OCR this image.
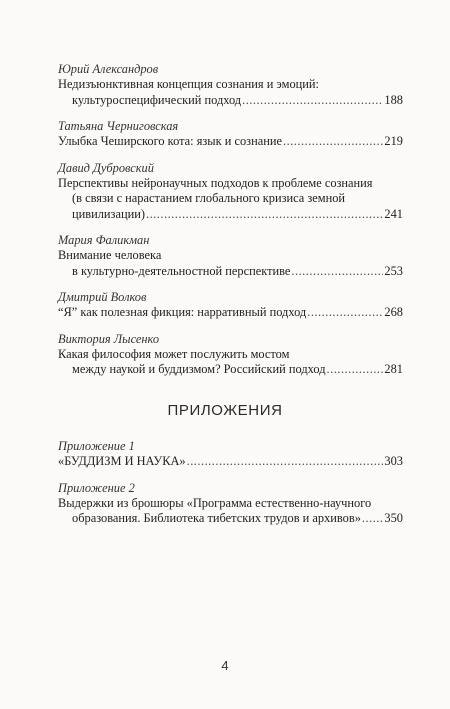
Юрий Александров
Недизъюнктивная концепция сознания и эмоций:
культуроспецифический подход .....	188
Татьяна Черниговская
Улыбка Чеширского кота: язык и сознание .....	219
Давид Дубровский
Перспективы нейронаучных подходов к проблеме сознания
(в связи с нарастанием глобального кризиса земной
цивилизации) .....	241
Мария Фаликман
Внимание человека
в культурно-деятельностной перспективе .....	253
Дмитрий Волков
“Я” как полезная фикция: нарративный подход .....	268
Виктория Лысенко
Какая философия может послужить мостом
между наукой и буддизмом? Российский подход .....	281
ПРИЛОЖЕНИЯ
Приложение 1
«БУДДИЗМ И НАУКА» .....	303
Приложение 2
Выдержки из брошюры «Программа естественно-научного
образования. Библиотека тибетских трудов и архивов» ..... 350
4
